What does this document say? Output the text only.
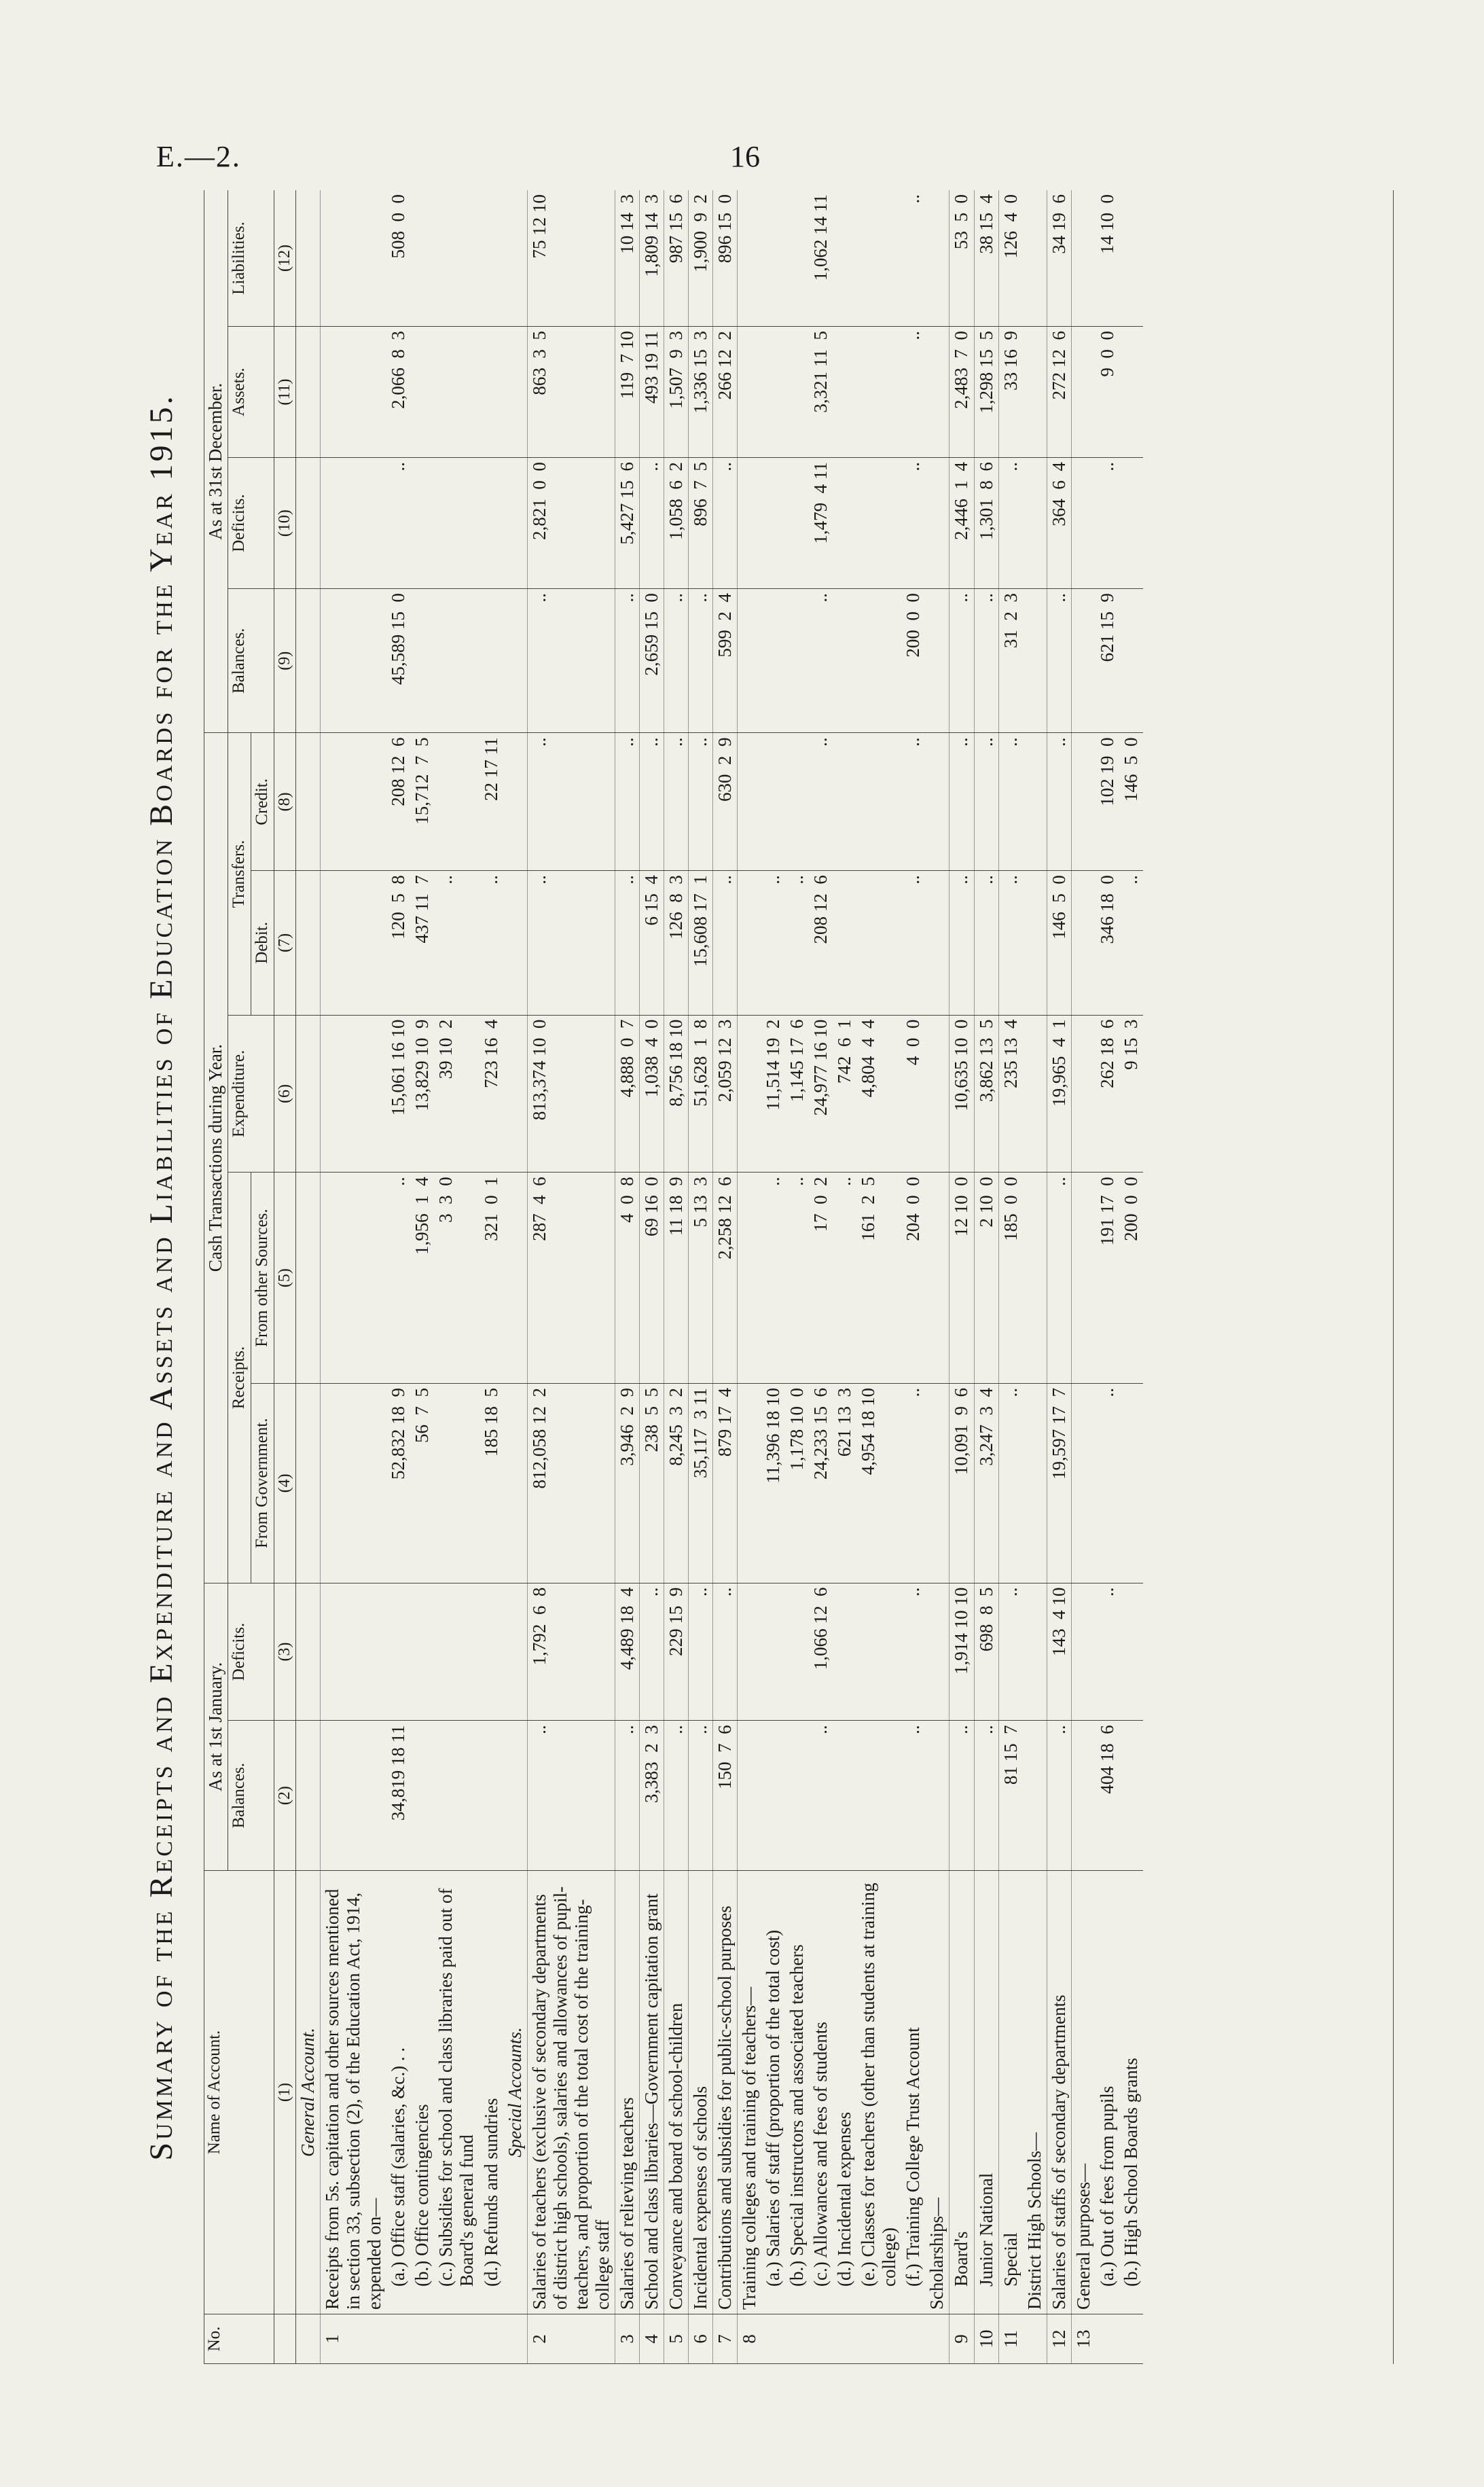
E.—2.	16
Summary of the Receipts and Expenditure and Assets and Liabilities of Education Boards for the Year 1915.
No.	Name of Account.	As at 1st January.		Cash Transactions during Year.					As at 31st December.			
		Balances.	Deficits.	Receipts.		Expenditure.	Transfers.		Balances.	Deficits.	Assets.	Liabilities.
				From Government.	From other Sources.		Debit.	Credit.				
	(1)	(2)	(3)	(4)	(5)	(6)	(7)	(8)	(9)	(10)	(11)	(12)
	General Account.											
1	Receipts from 5s. capitation and other sources mentioned in section 33, subsection (2), of the Education Act, 1914, expended on—											
	(a.) Office staff (salaries, &c.) . .	34,819 18 11		52,832 18  9	..	15,061 16 10	120  5  8	208 12  6	45,589 15  0	..	2,066  8  3	508  0  0
	(b.) Office contingencies			56  7  5	1,956  1  4	13,829 10  9	437 11  7	15,712  7  5				
	(c.) Subsidies for school and class libraries paid out of Board's general fund				3  3  0	39 10  2	..					
	(d.) Refunds and sundries			185 18  5	321  0  1	723 16  4	..	22 17 11				
	Special Accounts.											
2	Salaries of teachers (exclusive of secondary departments of district high schools), salaries and allowances of pupil-teachers, and proportion of the total cost of the training-college staff	..	1,792  6  8	812,058 12  2	287  4  6	813,374 10  0	..	..	..	2,821  0  0	863  3  5	75 12 10
3	Salaries of relieving teachers	..	4,489 18  4	3,946  2  9	4  0  8	4,888  0  7	..	..	..	5,427 15  6	119  7 10	10 14  3
4	School and class libraries—Government capitation grant	3,383  2  3	..	238  5  5	69 16  0	1,038  4  0	6 15  4	..	2,659 15  0	..	493 19 11	1,809 14  3
5	Conveyance and board of school-children	..	229 15  9	8,245  3  2	11 18  9	8,756 18 10	126  8  3	..	..	1,058  6  2	1,507  9  3	987 15  6
6	Incidental expenses of schools	..	..	35,117  3 11	5 13  3	51,628  1  8	15,608 17  1	..	..	896  7  5	1,336 15  3	1,900  9  2
7	Contributions and subsidies for public-school purposes	150  7  6	..	879 17  4	2,258 12  6	2,059 12  3	..	630  2  9	599  2  4	..	266 12  2	896 15  0
8	Training colleges and training of teachers—											
	(a.) Salaries of staff (proportion of the total cost)			11,396 18 10	..	11,514 19  2	..					
	(b.) Special instructors and associated teachers			1,178 10  0	..	1,145 17  6	..					
	(c.) Allowances and fees of students	..	1,066 12  6	24,233 15  6	17  0  2	24,977 16 10	208 12  6	..	..	1,479  4 11	3,321 11  5	1,062 14 11
	(d.) Incidental expenses			621 13  3	..	742  6  1						
	(e.) Classes for teachers (other than students at training college)			4,954 18 10	161  2  5	4,804  4  4						
	(f.) Training College Trust Account	..	..	..	204  0  0	4  0  0	..	..	200  0  0	..	..	..
	Scholarships—											
9	Board's	..	1,914 10 10	10,091  9  6	12 10  0	10,635 10  0	..	..	..	2,446  1  4	2,483  7  0	53  5  0
10	Junior National	..	698  8  5	3,247  3  4	2 10  0	3,862 13  5	..	..	..	1,301  8  6	1,298 15  5	38 15  4
11	Special	81 15  7	..	..	185  0  0	235 13  4	..	..	31  2  3	..	33 16  9	126  4  0
	District High Schools—											
12	Salaries of staffs of secondary departments	..	143  4 10	19,597 17  7	..	19,965  4  1	146  5  0	..	..	364  6  4	272 12  6	34 19  6
13	General purposes—											
	(a.) Out of fees from pupils	404 18  6	..	..	191 17  0	262 18  6	346 18  0	102 19  0	621 15  9	..	9  0  0	14 10  0
	(b.) High School Boards grants				200  0  0	9 15  3	..	146  5  0				
